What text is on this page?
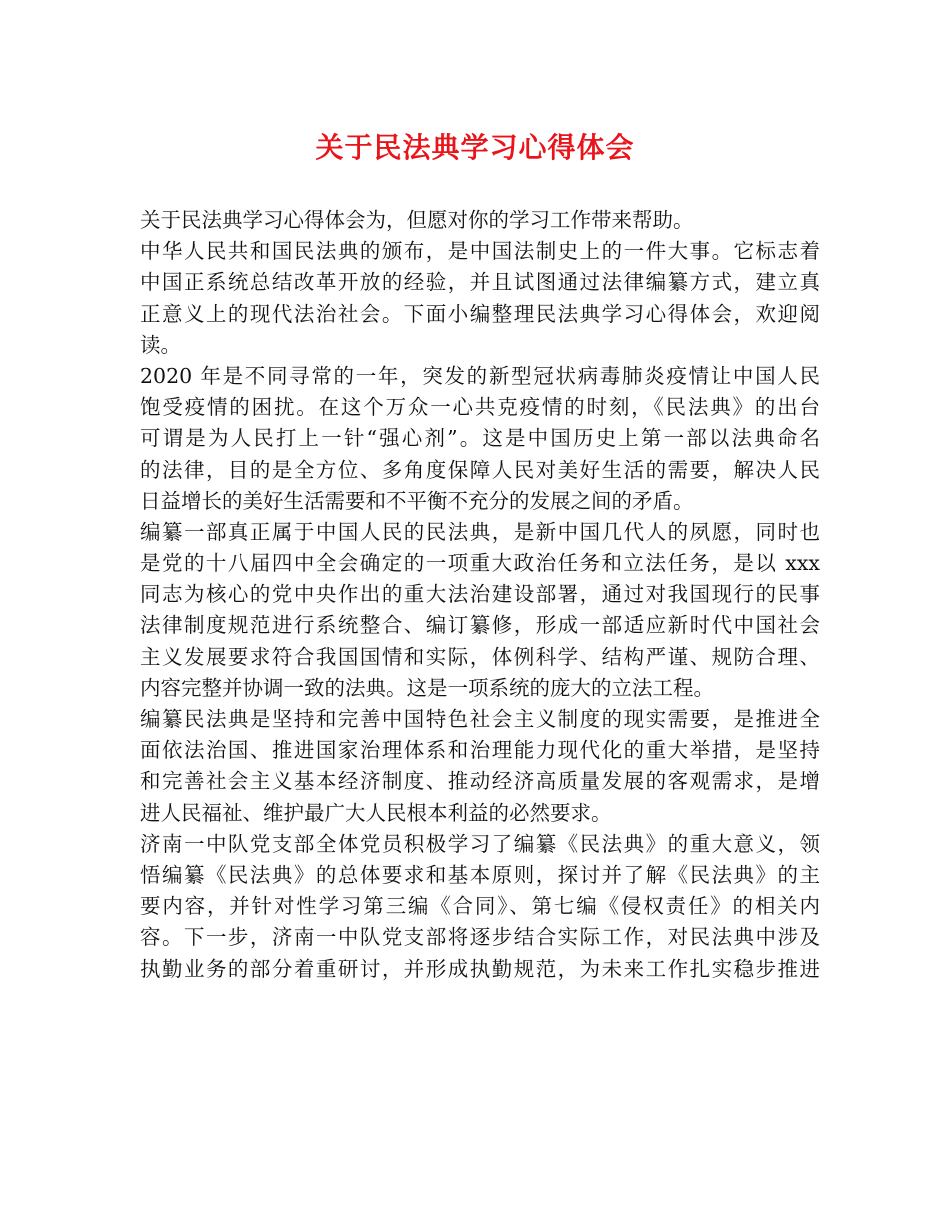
关于民法典学习心得体会
关于民法典学习心得体会为，但愿对你的学习工作带来帮助。
中华人民共和国民法典的颁布，是中国法制史上的一件大事。它标志着
中国正系统总结改革开放的经验，并且试图通过法律编纂方式，建立真
正意义上的现代法治社会。下面小编整理民法典学习心得体会，欢迎阅
读。
2020 年是不同寻常的一年，突发的新型冠状病毒肺炎疫情让中国人民
饱受疫情的困扰。在这个万众一心共克疫情的时刻，《民法典》的出台
可谓是为人民打上一针“强心剂”。这是中国历史上第一部以法典命名
的法律，目的是全方位、多角度保障人民对美好生活的需要，解决人民
日益增长的美好生活需要和不平衡不充分的发展之间的矛盾。
编纂一部真正属于中国人民的民法典，是新中国几代人的夙愿，同时也
是党的十八届四中全会确定的一项重大政治任务和立法任务，是以 xxx
同志为核心的党中央作出的重大法治建设部署，通过对我国现行的民事
法律制度规范进行系统整合、编订纂修，形成一部适应新时代中国社会
主义发展要求符合我国国情和实际，体例科学、结构严谨、规防合理、
内容完整并协调一致的法典。这是一项系统的庞大的立法工程。
编纂民法典是坚持和完善中国特色社会主义制度的现实需要，是推进全
面依法治国、推进国家治理体系和治理能力现代化的重大举措，是坚持
和完善社会主义基本经济制度、推动经济高质量发展的客观需求，是增
进人民福祉、维护最广大人民根本利益的必然要求。
济南一中队党支部全体党员积极学习了编纂《民法典》的重大意义，领
悟编纂《民法典》的总体要求和基本原则，探讨并了解《民法典》的主
要内容，并针对性学习第三编《合同》、第七编《侵权责任》的相关内
容。下一步，济南一中队党支部将逐步结合实际工作，对民法典中涉及
执勤业务的部分着重研讨，并形成执勤规范，为未来工作扎实稳步推进
